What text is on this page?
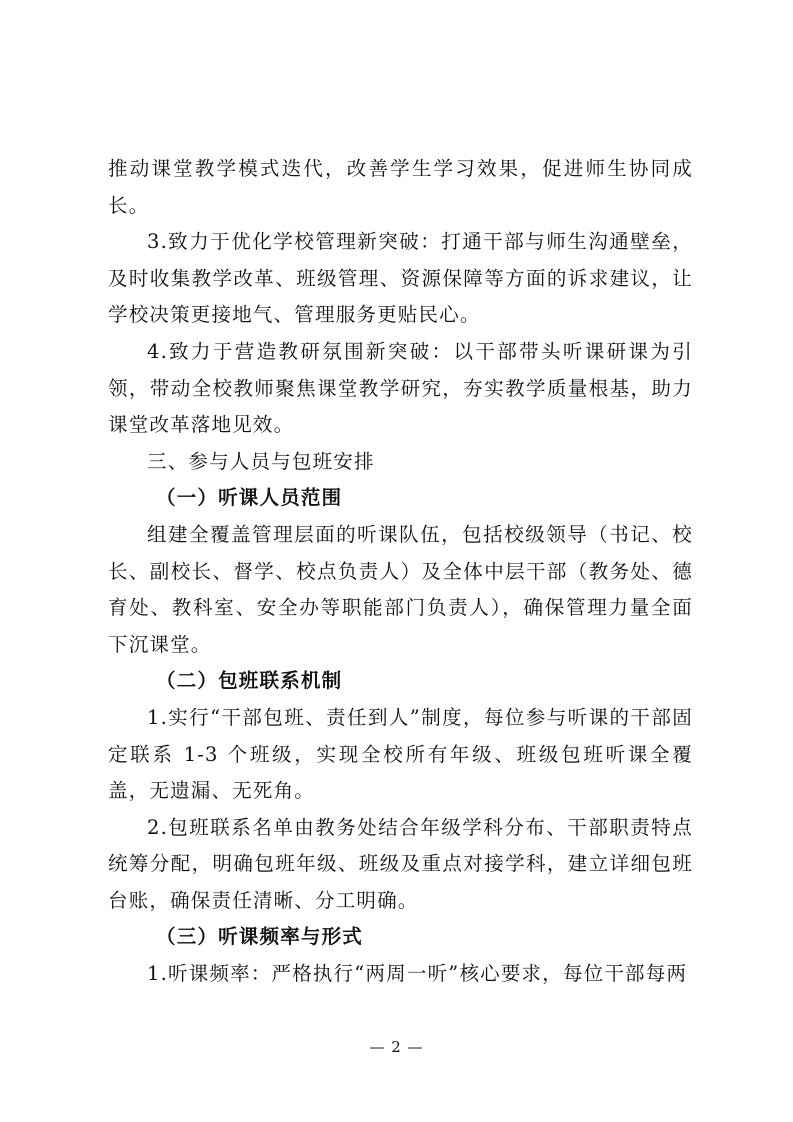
推动课堂教学模式迭代，改善学生学习效果，促进师生协同成长。

3.致力于优化学校管理新突破：打通干部与师生沟通壁垒，及时收集教学改革、班级管理、资源保障等方面的诉求建议，让学校决策更接地气、管理服务更贴民心。

4.致力于营造教研氛围新突破：以干部带头听课研课为引领，带动全校教师聚焦课堂教学研究，夯实教学质量根基，助力课堂改革落地见效。

三、参与人员与包班安排

（一）听课人员范围

组建全覆盖管理层面的听课队伍，包括校级领导（书记、校长、副校长、督学、校点负责人）及全体中层干部（教务处、德育处、教科室、安全办等职能部门负责人），确保管理力量全面下沉课堂。

（二）包班联系机制

1.实行“干部包班、责任到人”制度，每位参与听课的干部固定联系 1-3 个班级，实现全校所有年级、班级包班听课全覆盖，无遗漏、无死角。

2.包班联系名单由教务处结合年级学科分布、干部职责特点统筹分配，明确包班年级、班级及重点对接学科，建立详细包班台账，确保责任清晰、分工明确。

（三）听课频率与形式

1.听课频率：严格执行“两周一听”核心要求，每位干部每两

— 2 —
